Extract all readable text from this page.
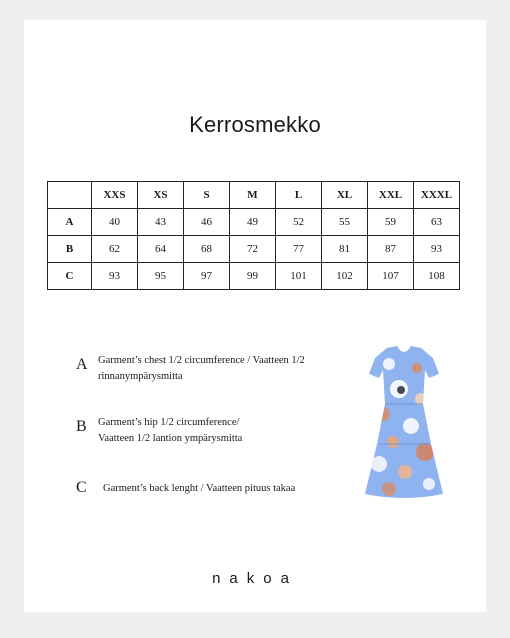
Kerrosmekko
	XXS	XS	S	M	L	XL	XXL	XXXL
A	40	43	46	49	52	55	59	63
B	62	64	68	72	77	81	87	93
C	93	95	97	99	101	102	107	108
A Garment’s chest 1/2 circumference / Vaatteen 1/2
rinnanympärysmitta
B Garment’s hip 1/2 circumference/
Vaatteen 1/2 lantion ympärysmitta
C Garment’s back lenght / Vaatteen pituus takaa
nakoa
